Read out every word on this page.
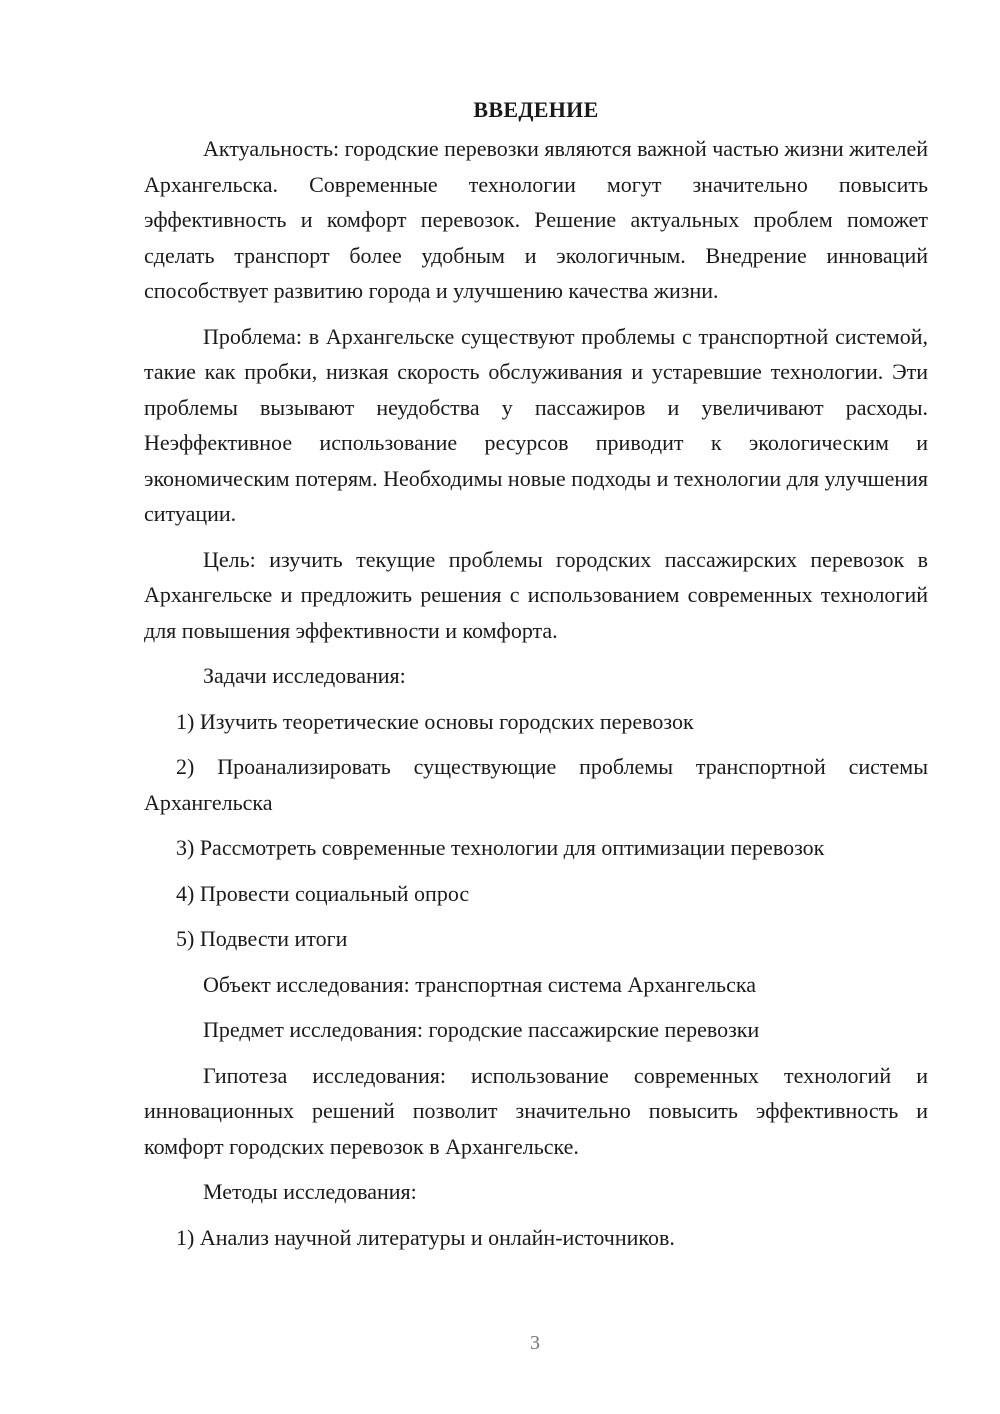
ВВЕДЕНИЕ

Актуальность: городские перевозки являются важной частью жизни жителей Архангельска. Современные технологии могут значительно повысить эффективность и комфорт перевозок. Решение актуальных проблем поможет сделать транспорт более удобным и экологичным. Внедрение инноваций способствует развитию города и улучшению качества жизни.

Проблема: в Архангельске существуют проблемы с транспортной системой, такие как пробки, низкая скорость обслуживания и устаревшие технологии. Эти проблемы вызывают неудобства у пассажиров и увеличивают расходы. Неэффективное использование ресурсов приводит к экологическим и экономическим потерям. Необходимы новые подходы и технологии для улучшения ситуации.

Цель: изучить текущие проблемы городских пассажирских перевозок в Архангельске и предложить решения с использованием современных технологий для повышения эффективности и комфорта.

Задачи исследования:

1) Изучить теоретические основы городских перевозок

2) Проанализировать существующие проблемы транспортной системы Архангельска

3) Рассмотреть современные технологии для оптимизации перевозок

4) Провести социальный опрос

5) Подвести итоги

Объект исследования: транспортная система Архангельска

Предмет исследования: городские пассажирские перевозки

Гипотеза исследования: использование современных технологий и инновационных решений позволит значительно повысить эффективность и комфорт городских перевозок в Архангельске.

Методы исследования:

1) Анализ научной литературы и онлайн-источников.

3
